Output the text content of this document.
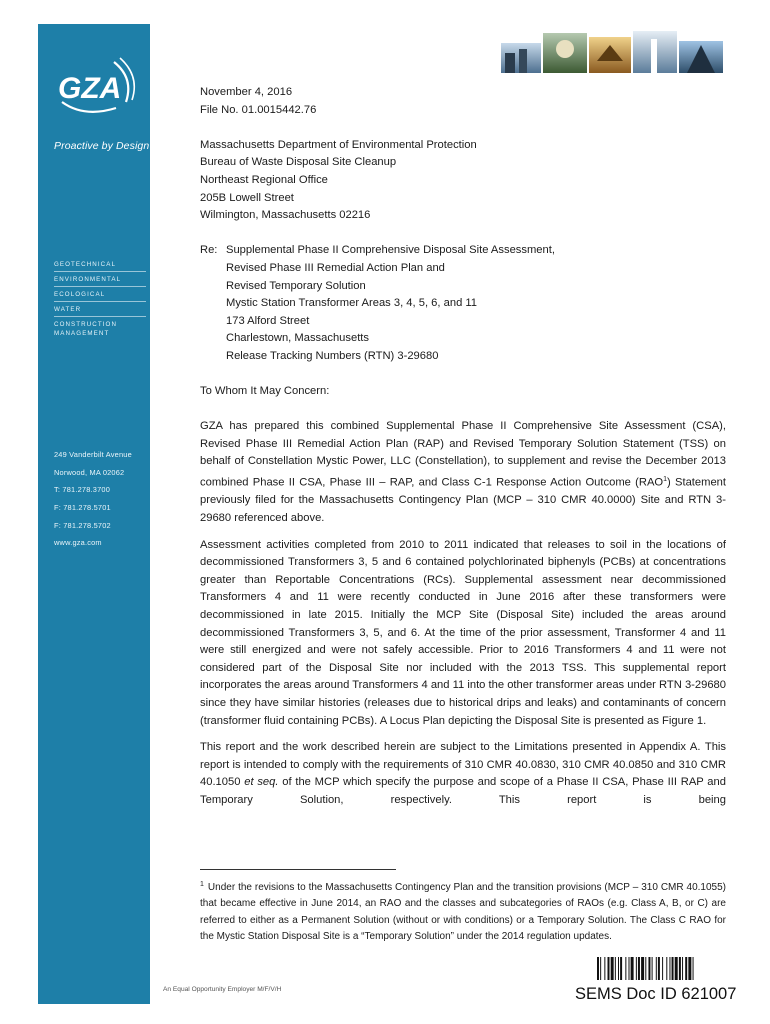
GZA
Proactive by Design
GEOTECHNICAL
ENVIRONMENTAL
ECOLOGICAL
WATER
CONSTRUCTION
MANAGEMENT
249 Vanderbilt Avenue
Norwood, MA 02062
T: 781.278.3700
F: 781.278.5701
F: 781.278.5702
www.gza.com
November 4, 2016
File No. 01.0015442.76
Massachusetts Department of Environmental Protection
Bureau of Waste Disposal Site Cleanup
Northeast Regional Office
205B Lowell Street
Wilmington, Massachusetts 02216
Re: Supplemental Phase II Comprehensive Disposal Site Assessment,
Revised Phase III Remedial Action Plan and
Revised Temporary Solution
Mystic Station Transformer Areas 3, 4, 5, 6, and 11
173 Alford Street
Charlestown, Massachusetts
Release Tracking Numbers (RTN) 3-29680
To Whom It May Concern:

GZA has prepared this combined Supplemental Phase II Comprehensive Site Assessment (CSA), Revised Phase III Remedial Action Plan (RAP) and Revised Temporary Solution Statement (TSS) on behalf of Constellation Mystic Power, LLC (Constellation), to supplement and revise the December 2013 combined Phase II CSA, Phase III – RAP, and Class C-1 Response Action Outcome (RAO$^1$) Statement previously filed for the Massachusetts Contingency Plan (MCP – 310 CMR 40.0000) Site and RTN 3-29680 referenced above.

Assessment activities completed from 2010 to 2011 indicated that releases to soil in the locations of decommissioned Transformers 3, 5 and 6 contained polychlorinated biphenyls (PCBs) at concentrations greater than Reportable Concentrations (RCs). Supplemental assessment near decommissioned Transformers 4 and 11 were recently conducted in June 2016 after these transformers were decommissioned in late 2015. Initially the MCP Site (Disposal Site) included the areas around decommissioned Transformers 3, 5, and 6. At the time of the prior assessment, Transformer 4 and 11 were still energized and were not safely accessible. Prior to 2016 Transformers 4 and 11 were not considered part of the Disposal Site nor included with the 2013 TSS. This supplemental report incorporates the areas around Transformers 4 and 11 into the other transformer areas under RTN 3-29680 since they have similar histories (releases due to historical drips and leaks) and contaminants of concern (transformer fluid containing PCBs). A Locus Plan depicting the Disposal Site is presented as Figure 1.

This report and the work described herein are subject to the Limitations presented in Appendix A. This report is intended to comply with the requirements of 310 CMR 40.0830, 310 CMR 40.0850 and 310 CMR 40.1050 et seq. of the MCP which specify the purpose and scope of a Phase II CSA, Phase III RAP and Temporary Solution, respectively. This report is being

$^1$ Under the revisions to the Massachusetts Contingency Plan and the transition provisions (MCP – 310 CMR 40.1055) that became effective in June 2014, an RAO and the classes and subcategories of RAOs (e.g. Class A, B, or C) are referred to either as a Permanent Solution (without or with conditions) or a Temporary Solution. The Class C RAO for the Mystic Station Disposal Site is a “Temporary Solution” under the 2014 regulation updates.
An Equal Opportunity Employer M/F/V/H	SEMS Doc ID 621007
